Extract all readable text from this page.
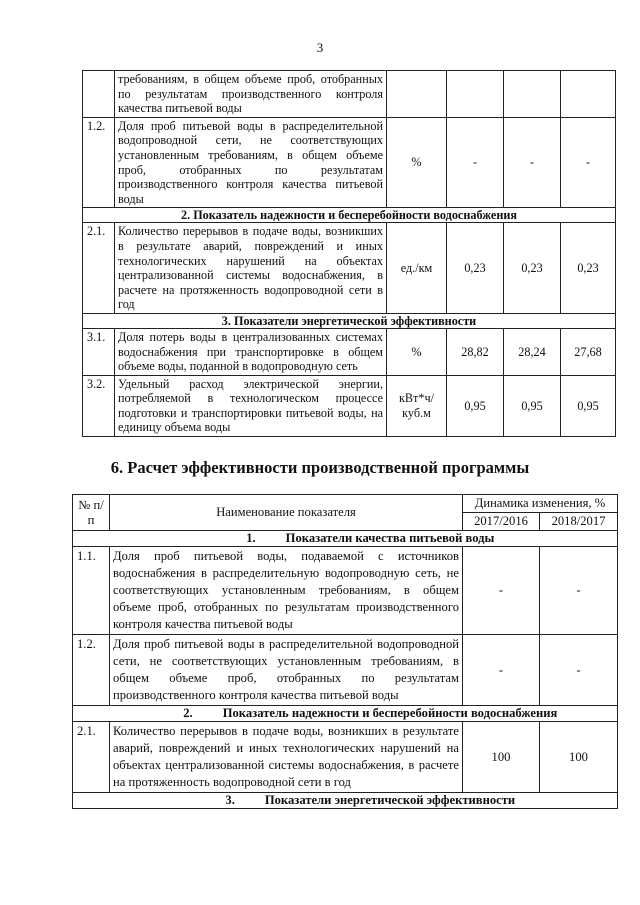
3
	требованиям, в общем объеме проб, отобранных по результатам производственного контроля качества питьевой воды				
1.2.	Доля проб питьевой воды в распределительной водопроводной сети, не соответствующих установленным требованиям, в общем объеме проб, отобранных по результатам производственного контроля качества питьевой воды	%	-	-	-
2. Показатель надежности и бесперебойности водоснабжения					
2.1.	Количество перерывов в подаче воды, возникших в результате аварий, повреждений и иных технологических нарушений на объектах централизованной системы водоснабжения, в расчете на протяженность водопроводной сети в год	ед./км	0,23	0,23	0,23
3. Показатели энергетической эффективности					
3.1.	Доля потерь воды в централизованных системах водоснабжения при транспортировке в общем объеме воды, поданной в водопроводную сеть	%	28,82	28,24	27,68
3.2.	Удельный расход электрической энергии, потребляемой в технологическом процессе подготовки и транспортировки питьевой воды, на единицу объема воды	кВт*ч/куб.м	0,95	0,95	0,95
6. Расчет эффективности производственной программы
№ п/п	Наименование показателя	Динамика изменения, %	
		2017/2016	2018/2017
1. Показатели качества питьевой воды			
1.1.	Доля проб питьевой воды, подаваемой с источников водоснабжения в распределительную водопроводную сеть, не соответствующих установленным требованиям, в общем объеме проб, отобранных по результатам производственного контроля качества питьевой воды	-	-
1.2.	Доля проб питьевой воды в распределительной водопроводной сети, не соответствующих установленным требованиям, в общем объеме проб, отобранных по результатам производственного контроля качества питьевой воды	-	-
2. Показатель надежности и бесперебойности водоснабжения			
2.1.	Количество перерывов в подаче воды, возникших в результате аварий, повреждений и иных технологических нарушений на объектах централизованной системы водоснабжения, в расчете на протяженность водопроводной сети в год	100	100
3. Показатели энергетической эффективности			
